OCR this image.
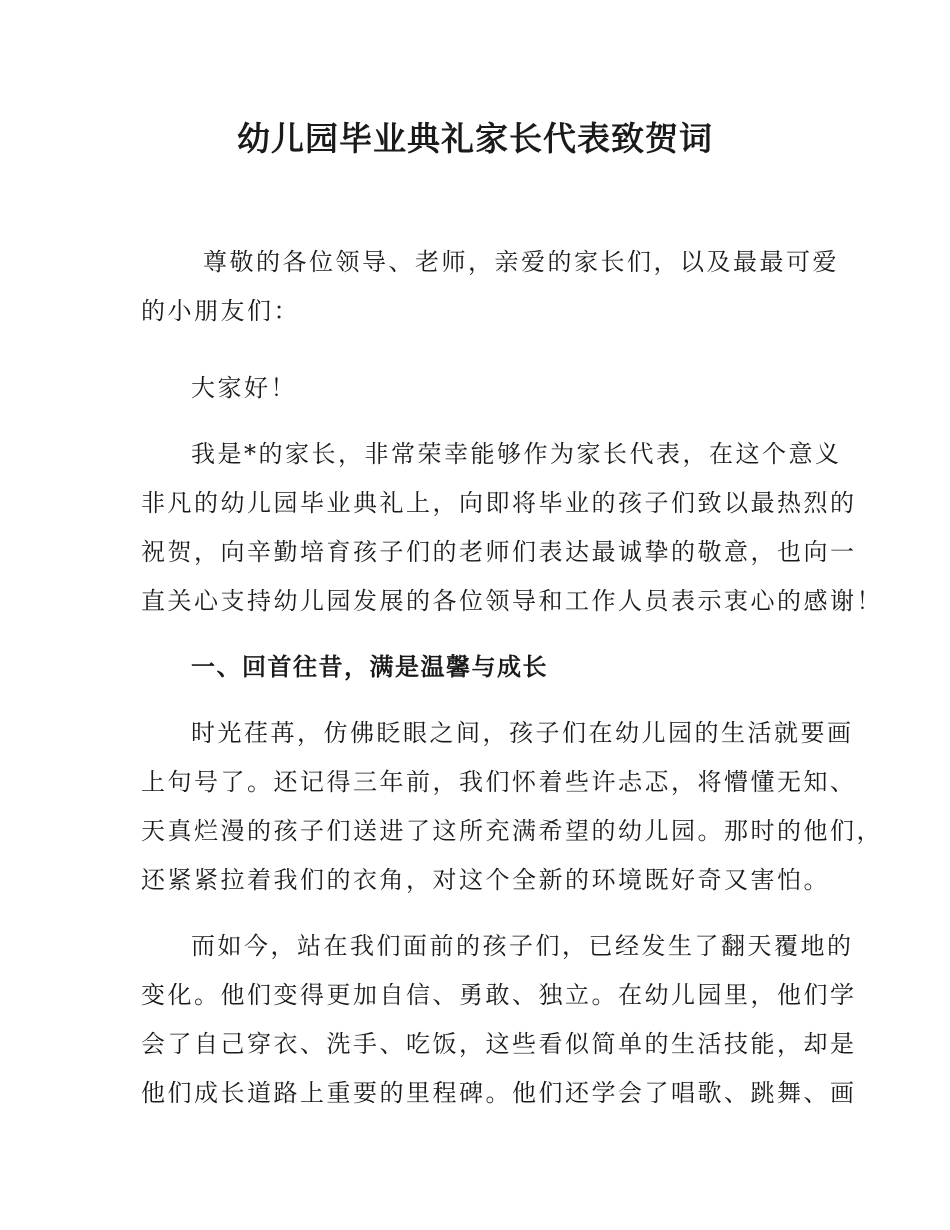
幼儿园毕业典礼家长代表致贺词

尊敬的各位领导、老师，亲爱的家长们，以及最最可爱
的小朋友们：

大家好！

我是*的家长，非常荣幸能够作为家长代表，在这个意义
非凡的幼儿园毕业典礼上，向即将毕业的孩子们致以最热烈的
祝贺，向辛勤培育孩子们的老师们表达最诚挚的敬意，也向一
直关心支持幼儿园发展的各位领导和工作人员表示衷心的感谢！

一、回首往昔，满是温馨与成长

时光荏苒，仿佛眨眼之间，孩子们在幼儿园的生活就要画
上句号了。还记得三年前，我们怀着些许忐忑，将懵懂无知、
天真烂漫的孩子们送进了这所充满希望的幼儿园。那时的他们，
还紧紧拉着我们的衣角，对这个全新的环境既好奇又害怕。

而如今，站在我们面前的孩子们，已经发生了翻天覆地的
变化。他们变得更加自信、勇敢、独立。在幼儿园里，他们学
会了自己穿衣、洗手、吃饭，这些看似简单的生活技能，却是
他们成长道路上重要的里程碑。他们还学会了唱歌、跳舞、画
